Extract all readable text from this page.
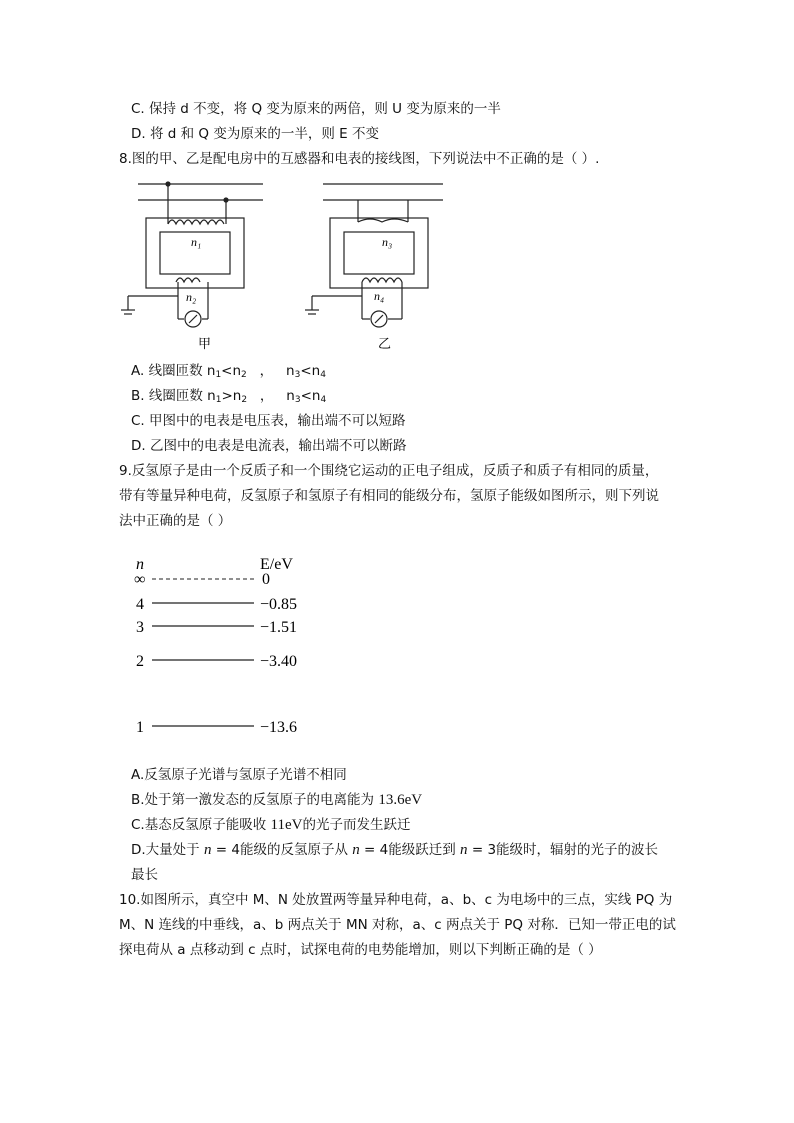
C. 保持 d 不变，将 Q 变为原来的两倍，则 U 变为原来的一半
D. 将 d 和 Q 变为原来的一半，则 E 不变
8.图的甲、乙是配电房中的互感器和电表的接线图，下列说法中不正确的是（ ）.
n₁
n₂
n₃
n₄
甲	乙
A. 线圈匝数 $n_1<n_2$   ，   $n_3<n_4$
B. 线圈匝数 $n_1>n_2$   ，   $n_3<n_4$
C. 甲图中的电表是电压表，输出端不可以短路
D. 乙图中的电表是电流表，输出端不可以断路
9.反氢原子是由一个反质子和一个围绕它运动的正电子组成，反质子和质子有相同的质量，
带有等量异种电荷，反氢原子和氢原子有相同的能级分布，氢原子能级如图所示，则下列说
法中正确的是（ ）
n	E/eV
∞	0
4	−0.85
3	−1.51
2	−3.40
1	−13.6
A.反氢原子光谱与氢原子光谱不相同
B.处于第一激发态的反氢原子的电离能为 13.6eV
C.基态反氢原子能吸收 11eV的光子而发生跃迁
D.大量处于 n = 4能级的反氢原子从 n = 4能级跃迁到 n = 3能级时，辐射的光子的波长
最长
10.如图所示，真空中 M、N 处放置两等量异种电荷，a、b、c 为电场中的三点，实线 PQ 为
M、N 连线的中垂线，a、b 两点关于 MN 对称，a、c 两点关于 PQ 对称．已知一带正电的试
探电荷从 a 点移动到 c 点时，试探电荷的电势能增加，则以下判断正确的是（ ）
